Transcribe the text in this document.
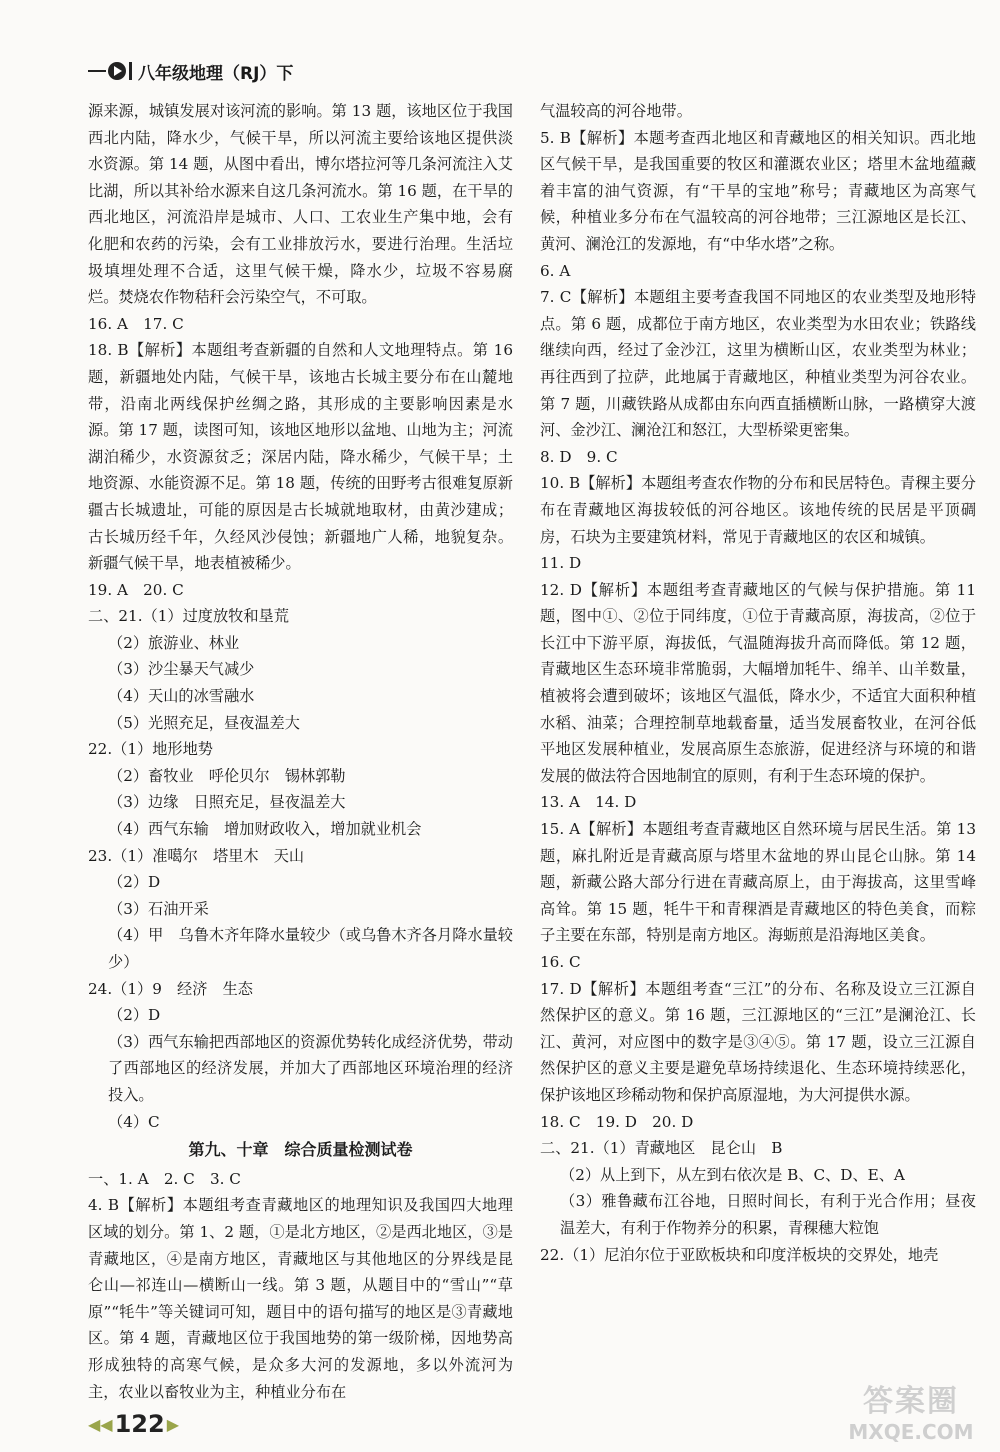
八年级地理（RJ）下

源来源，城镇发展对该河流的影响。第 13 题，该地区位于我国西北内陆，降水少，气候干旱，所以河流主要给该地区提供淡水资源。第 14 题，从图中看出，博尔塔拉河等几条河流注入艾比湖，所以其补给水源来自这几条河流水。第 16 题，在干旱的西北地区，河流沿岸是城市、人口、工农业生产集中地，会有化肥和农药的污染，会有工业排放污水，要进行治理。生活垃圾填埋处理不合适，这里气候干燥，降水少，垃圾不容易腐烂。焚烧农作物秸秆会污染空气，不可取。

16. A　17. C

18. B【解析】本题组考查新疆的自然和人文地理特点。第 16 题，新疆地处内陆，气候干旱，该地古长城主要分布在山麓地带，沿南北两线保护丝绸之路，其形成的主要影响因素是水源。第 17 题，读图可知，该地区地形以盆地、山地为主；河流湖泊稀少，水资源贫乏；深居内陆，降水稀少，气候干旱；土地资源、水能资源不足。第 18 题，传统的田野考古很难复原新疆古长城遗址，可能的原因是古长城就地取材，由黄沙建成；古长城历经千年，久经风沙侵蚀；新疆地广人稀，地貌复杂。新疆气候干旱，地表植被稀少。

19. A　20. C

二、21.（1）过度放牧和垦荒

（2）旅游业、林业

（3）沙尘暴天气减少

（4）天山的冰雪融水

（5）光照充足，昼夜温差大

22.（1）地形地势

（2）畜牧业　呼伦贝尔　锡林郭勒

（3）边缘　日照充足，昼夜温差大

（4）西气东输　增加财政收入，增加就业机会

23.（1）准噶尔　塔里木　天山

（2）D

（3）石油开采

（4）甲　乌鲁木齐年降水量较少（或乌鲁木齐各月降水量较少）

24.（1）9　经济　生态

（2）D

（3）西气东输把西部地区的资源优势转化成经济优势，带动了西部地区的经济发展，并加大了西部地区环境治理的经济投入。

（4）C

第九、十章　综合质量检测试卷

一、1. A　2. C　3. C

4. B【解析】本题组考查青藏地区的地理知识及我国四大地理区域的划分。第 1、2 题，①是北方地区，②是西北地区，③是青藏地区，④是南方地区，青藏地区与其他地区的分界线是昆仑山—祁连山—横断山一线。第 3 题，从题目中的“雪山”“草原”“牦牛”等关键词可知，题目中的语句描写的地区是③青藏地区。第 4 题，青藏地区位于我国地势的第一级阶梯，因地势高形成独特的高寒气候，是众多大河的发源地，多以外流河为主，农业以畜牧业为主，种植业分布在

气温较高的河谷地带。

5. B【解析】本题考查西北地区和青藏地区的相关知识。西北地区气候干旱，是我国重要的牧区和灌溉农业区；塔里木盆地蕴藏着丰富的油气资源，有“干旱的宝地”称号；青藏地区为高寒气候，种植业多分布在气温较高的河谷地带；三江源地区是长江、黄河、澜沧江的发源地，有“中华水塔”之称。

6. A

7. C【解析】本题组主要考查我国不同地区的农业类型及地形特点。第 6 题，成都位于南方地区，农业类型为水田农业；铁路线继续向西，经过了金沙江，这里为横断山区，农业类型为林业；再往西到了拉萨，此地属于青藏地区，种植业类型为河谷农业。第 7 题，川藏铁路从成都由东向西直插横断山脉，一路横穿大渡河、金沙江、澜沧江和怒江，大型桥梁更密集。

8. D　9. C

10. B【解析】本题组考查农作物的分布和民居特色。青稞主要分布在青藏地区海拔较低的河谷地区。该地传统的民居是平顶碉房，石块为主要建筑材料，常见于青藏地区的农区和城镇。

11. D

12. D【解析】本题组考查青藏地区的气候与保护措施。第 11 题，图中①、②位于同纬度，①位于青藏高原，海拔高，②位于长江中下游平原，海拔低，气温随海拔升高而降低。第 12 题，青藏地区生态环境非常脆弱，大幅增加牦牛、绵羊、山羊数量，植被将会遭到破坏；该地区气温低，降水少，不适宜大面积种植水稻、油菜；合理控制草地载畜量，适当发展畜牧业，在河谷低平地区发展种植业，发展高原生态旅游，促进经济与环境的和谐发展的做法符合因地制宜的原则，有利于生态环境的保护。

13. A　14. D

15. A【解析】本题组考查青藏地区自然环境与居民生活。第 13 题，麻扎附近是青藏高原与塔里木盆地的界山昆仑山脉。第 14 题，新藏公路大部分行进在青藏高原上，由于海拔高，这里雪峰高耸。第 15 题，牦牛干和青稞酒是青藏地区的特色美食，而粽子主要在东部，特别是南方地区。海蛎煎是沿海地区美食。

16. C

17. D【解析】本题组考查“三江”的分布、名称及设立三江源自然保护区的意义。第 16 题，三江源地区的“三江”是澜沧江、长江、黄河，对应图中的数字是③④⑤。第 17 题，设立三江源自然保护区的意义主要是避免草场持续退化、生态环境持续恶化，保护该地区珍稀动物和保护高原湿地，为大河提供水源。

18. C　19. D　20. D

二、21.（1）青藏地区　昆仑山　B

（2）从上到下，从左到右依次是 B、C、D、E、A

（3）雅鲁藏布江谷地，日照时间长，有利于光合作用；昼夜温差大，有利于作物养分的积累，青稞穗大粒饱

22.（1）尼泊尔位于亚欧板块和印度洋板块的交界处，地壳

◀◀ 122 ▶
答案圈
MXQE.COM
